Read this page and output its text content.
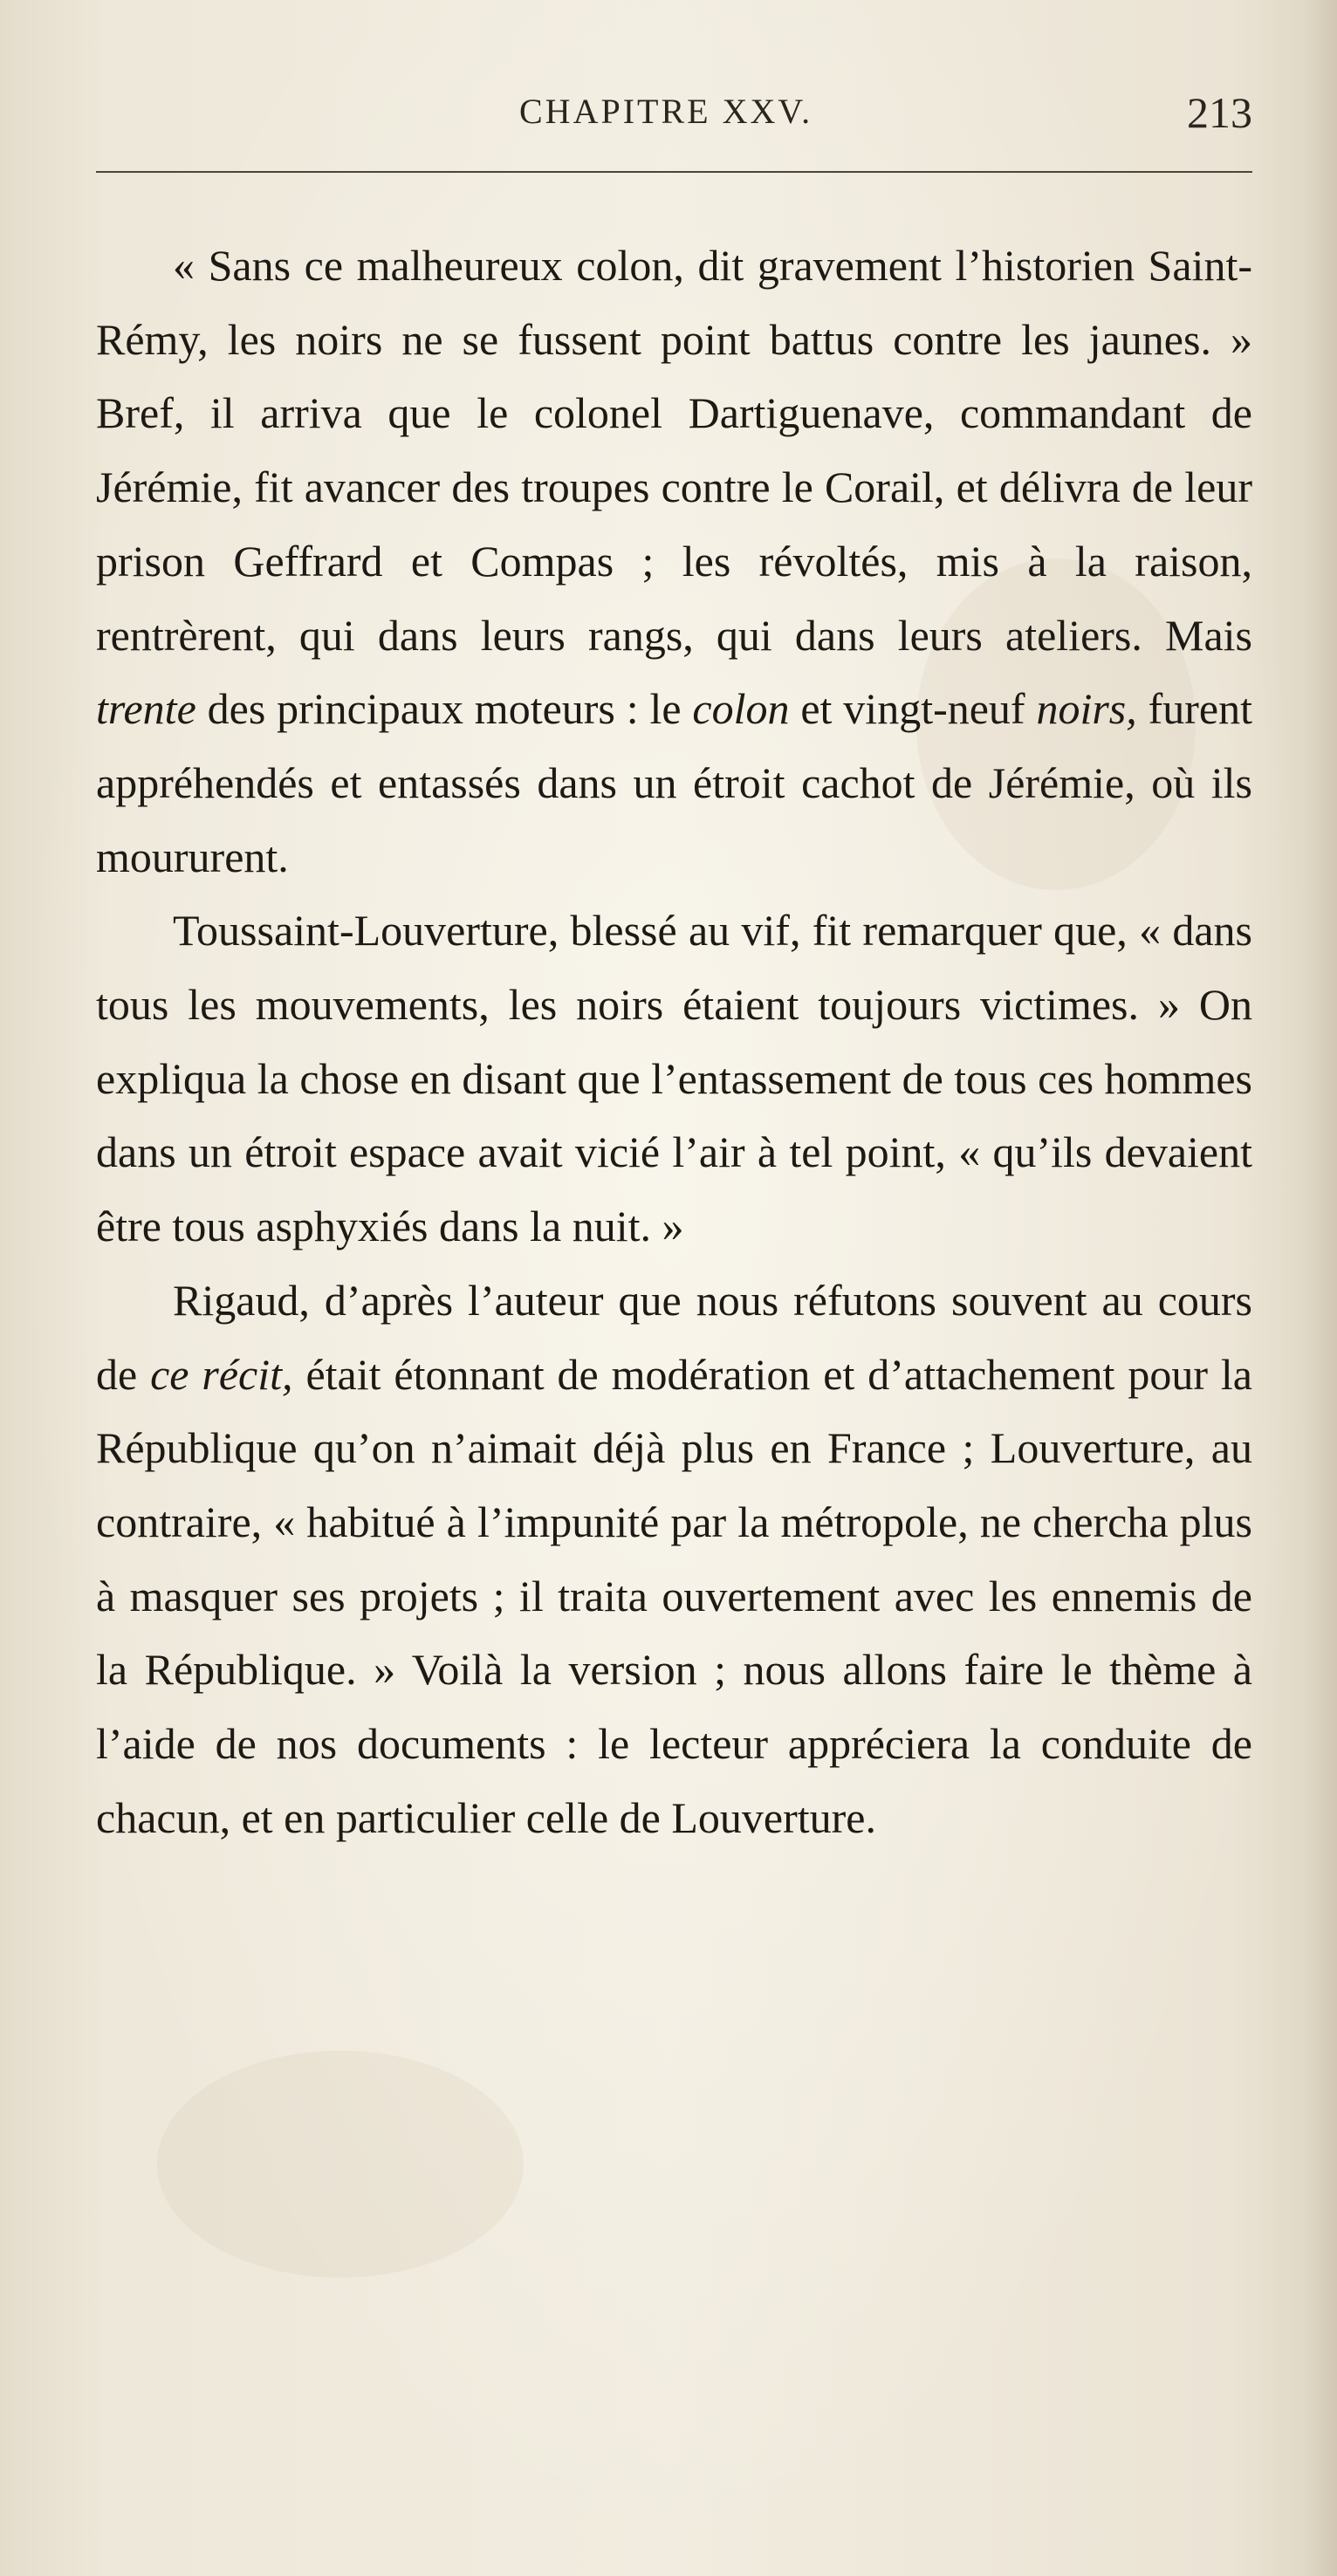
CHAPITRE XXV.	213

« Sans ce malheureux colon, dit gravement l’historien Saint-Rémy, les noirs ne se fussent point battus contre les jaunes. » Bref, il arriva que le colonel Dartiguenave, commandant de Jérémie, fit avancer des troupes contre le Corail, et délivra de leur prison Geffrard et Compas ; les révoltés, mis à la raison, rentrèrent, qui dans leurs rangs, qui dans leurs ateliers. Mais trente des principaux moteurs : le colon et vingt-neuf noirs, furent appréhendés et entassés dans un étroit cachot de Jérémie, où ils moururent.

Toussaint-Louverture, blessé au vif, fit remarquer que, « dans tous les mouvements, les noirs étaient toujours victimes. » On expliqua la chose en disant que l’entassement de tous ces hommes dans un étroit espace avait vicié l’air à tel point, « qu’ils devaient être tous asphyxiés dans la nuit. »

Rigaud, d’après l’auteur que nous réfutons souvent au cours de ce récit, était étonnant de modération et d’attachement pour la République qu’on n’aimait déjà plus en France ; Louverture, au contraire, « habitué à l’impunité par la métropole, ne chercha plus à masquer ses projets ; il traita ouvertement avec les ennemis de la République. » Voilà la version ; nous allons faire le thème à l’aide de nos documents : le lecteur appréciera la conduite de chacun, et en particulier celle de Louverture.
